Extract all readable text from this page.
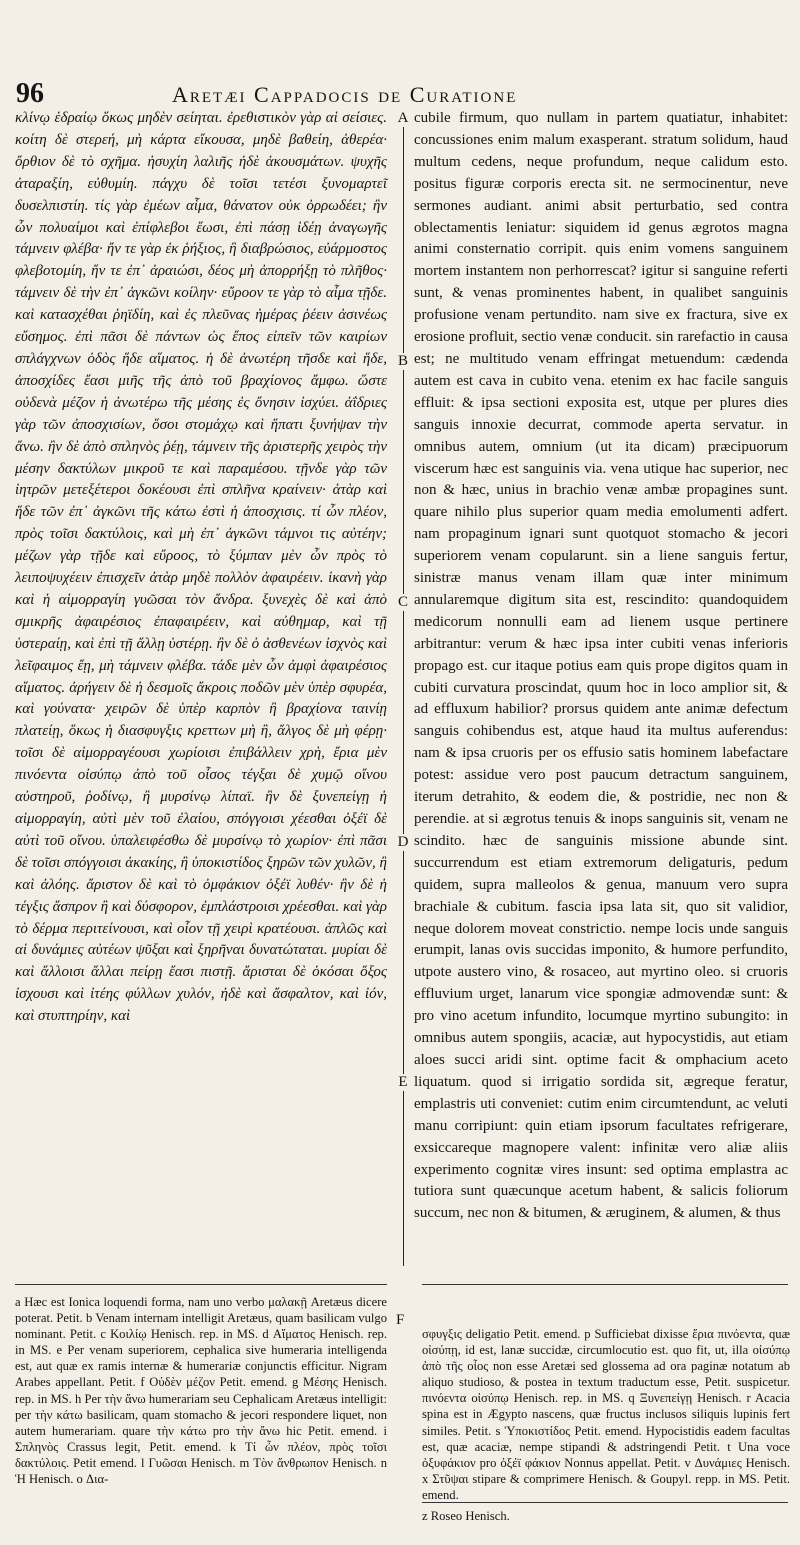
96	Aretæi Cappadocis de Curatione

κλίνῳ ἑδραίῳ ὅκως μηδὲν σείηται. ἐρεθιστικὸν γὰρ αἱ σείσιες. κοίτη δὲ στερεή, μὴ κάρτα εἴκουσα, μηδὲ βαθείη, ἀθερέα· ὄρθιον δὲ τὸ σχῆμα. ἡσυχίη λαλιῆς ἠδὲ ἀκουσμάτων. ψυχῆς ἀταραξίη, εὐθυμίη. πάγχυ δὲ τοῖσι τετέσι ξυνομαρτεῖ δυσελπιστίη. τίς γὰρ ἐμέων αἷμα, θάνατον οὐκ ὀρρωδέει; ἢν ὦν πολυαίμοι καὶ ἐπίφλεβοι ἔωσι, ἐπὶ πάσῃ ἰδέῃ ἀναγωγῆς τάμνειν φλέβα· ἤν τε γὰρ ἐκ ῥήξιος, ἢ διαβρώσιος, εὐάρμοστος φλεβοτομίη, ἤν τε ἐπ᾽ ἀραιώσι, δέος μὴ ἀπορρήξῃ τὸ πλῆθος· τάμνειν δὲ τὴν ἐπ᾽ ἀγκῶνι κοίλην· εὔροον τε γὰρ τὸ αἷμα τῇδε. καὶ κατασχέθαι ῥηϊδίη, καὶ ἐς πλεῦνας ἡμέρας ῥέειν ἀσινέως εὔσημος. ἐπὶ πᾶσι δὲ πάντων ὡς ἔπος εἰπεῖν τῶν καιρίων σπλάγχνων ὁδὸς ἥδε αἵματος. ἡ δὲ ἀνωτέρη τῆσδε καὶ ἥδε, ἀποσχίδες ἔασι μιῆς τῆς ἀπὸ τοῦ βραχίονος ἄμφω. ὥστε οὐδενὰ μέζον ἡ ἀνωτέρω τῆς μέσης ἐς ὄνησιν ἰσχύει. ἀΐδριες γὰρ τῶν ἀποσχισίων, ὅσοι στομάχῳ καὶ ἥπατι ξυνήψαν τὴν ἄνω. ἢν δὲ ἀπὸ σπληνὸς ῥέῃ, τάμνειν τῆς ἀριστερῆς χειρὸς τὴν μέσην δακτύλων μικροῦ τε καὶ παραμέσου. τῇνδε γὰρ τῶν ἰητρῶν μετεξέτεροι δοκέουσι ἐπὶ σπλῆνα κραίνειν· ἀτὰρ καὶ ἥδε τῶν ἐπ᾽ ἀγκῶνι τῆς κάτω ἐστὶ ἡ ἀποσχισις. τί ὦν πλέον, πρὸς τοῖσι δακτύλοις, καὶ μὴ ἐπ᾽ ἀγκῶνι τάμνοι τις αὐτέην; μέζων γὰρ τῇδε καὶ εὔροος, τὸ ξύμπαν μὲν ὦν πρὸς τὸ λειποψυχέειν ἐπισχεῖν ἀτὰρ μηδὲ πολλὸν ἀφαιρέειν. ἱκανὴ γὰρ καὶ ἡ αἱμορραγίη γυῶσαι τὸν ἄνδρα. ξυνεχὲς δὲ καὶ ἀπὸ σμικρῆς ἀφαιρέσιος ἐπαφαιρέειν, καὶ αὐθημαρ, καὶ τῇ ὑστεραίῃ, καὶ ἐπὶ τῇ ἄλλῃ ὑστέρῃ. ἢν δὲ ὁ ἀσθενέων ἰσχνὸς καὶ λεῖφαιμος ἔῃ, μὴ τάμνειν φλέβα. τάδε μὲν ὦν ἀμφὶ ἀφαιρέσιος αἵματος. ἀρήγειν δὲ ἡ δεσμοῖς ἄκροις ποδῶν μὲν ὑπὲρ σφυρέα, καὶ γούνατα· χειρῶν δὲ ὑπὲρ καρπὸν ἢ βραχίονα ταινίῃ πλατείῃ, ὅκως ἡ διασφυγξις κρεττων μὴ ἢ, ἄλγος δὲ μὴ φέρῃ· τοῖσι δὲ αἱμορραγέουσι χωρίοισι ἐπιβάλλειν χρὴ, ἔρια μὲν πινόεντα οἰσύπῳ ἀπὸ τοῦ οἶσος τέγξαι δὲ χυμῷ οἴνου αὐστηροῦ, ῥοδίνῳ, ἢ μυρσίνῳ λίπαϊ. ἢν δὲ ξυνεπείγῃ ἡ αἱμορραγίη, αὐτὶ μὲν τοῦ ἐλαίου, σπόγγοισι χέεσθαι ὀξέϊ δὲ αὐτὶ τοῦ οἴνου. ὑπαλειφέσθω δὲ μυρσίνῳ τὸ χωρίον· ἐπὶ πᾶσι δὲ τοῖσι σπόγγοισι ἀκακίης, ἢ ὑποκιστίδος ξηρῶν τῶν χυλῶν, ἢ καὶ ἀλόης. ἄριστον δὲ καὶ τὸ ὀμφάκιον ὀξέϊ λυθέν· ἢν δὲ ἡ τέγξις ἄσπρον ἢ καὶ δύσφορον, ἐμπλάστροισι χρέεσθαι. καὶ γὰρ τὸ δέρμα περιτείνουσι, καὶ οἷον τῇ χειρὶ κρατέουσι. ἁπλῶς καὶ αἱ δυνάμιες αὐτέων ψῦξαι καὶ ξηρῆναι δυνατώταται. μυρίαι δὲ καὶ ἄλλοισι ἄλλαι πείρῃ ἔασι πιστῇ. ἄρισται δὲ ὁκόσαι ὄξος ἰσχουσι καὶ ἰτέης φύλλων χυλόν, ἠδὲ καὶ ἄσφαλτον, καὶ ἰόν, καὶ στυπτηρίην, καὶ

A
B
C
D
E

cubile firmum, quo nullam in partem quatiatur, inhabitet: concussiones enim malum exasperant. stratum solidum, haud multum cedens, neque profundum, neque calidum esto. positus figuræ corporis erecta sit. ne sermocinentur, neve sermones audiant. animi absit perturbatio, sed contra oblectamentis leniatur: siquidem id genus ægrotos magna animi consternatio corripit. quis enim vomens sanguinem mortem instantem non perhorrescat? igitur si sanguine referti sunt, & venas prominentes habent, in qualibet sanguinis profusione venam pertundito. nam sive ex fractura, sive ex erosione profluit, sectio venæ conducit. sin rarefactio in causa est; ne multitudo venam effringat metuendum: cædenda autem est cava in cubito vena. etenim ex hac facile sanguis effluit: & ipsa sectioni exposita est, utque per plures dies sanguis innoxie decurrat, commode aperta servatur. in omnibus autem, omnium (ut ita dicam) præcipuorum viscerum hæc est sanguinis via. vena utique hac superior, nec non & hæc, unius in brachio venæ ambæ propagines sunt. quare nihilo plus superior quam media emolumenti adfert. nam propaginum ignari sunt quotquot stomacho & jecori superiorem venam copularunt. sin a liene sanguis fertur, sinistræ manus venam illam quæ inter minimum annularemque digitum sita est, rescindito: quandoquidem medicorum nonnulli eam ad lienem usque pertinere arbitrantur: verum & hæc ipsa inter cubiti venas inferioris propago est. cur itaque potius eam quis prope digitos quam in cubiti curvatura proscindat, quum hoc in loco amplior sit, & ad effluxum habilior? prorsus quidem ante animæ defectum sanguis cohibendus est, atque haud ita multus auferendus: nam & ipsa cruoris per os effusio satis hominem labefactare potest: assidue vero post paucum detractum sanguinem, iterum detrahito, & eodem die, & postridie, nec non & perendie. at si ægrotus tenuis & inops sanguinis sit, venam ne scindito. hæc de sanguinis missione abunde sint. succurrendum est etiam extremorum deligaturis, pedum quidem, supra malleolos & genua, manuum vero supra brachiale & cubitum. fascia ipsa lata sit, quo sit validior, neque dolorem moveat constrictio. nempe locis unde sanguis erumpit, lanas ovis succidas imponito, & humore perfundito, utpote austero vino, & rosaceo, aut myrtino oleo. si cruoris effluvium urget, lanarum vice spongiæ admovendæ sunt: & pro vino acetum infundito, locumque myrtino subungito: in omnibus autem spongiis, acaciæ, aut hypocystidis, aut etiam aloes succi aridi sint. optime facit & omphacium aceto liquatum. quod si irrigatio sordida sit, ægreque feratur, emplastris uti conveniet: cutim enim circumtendunt, ac veluti manu corripiunt: quin etiam ipsorum facultates refrigerare, exsiccareque magnopere valent: infinitæ vero aliæ aliis experimento cognitæ vires insunt: sed optima emplastra ac tutiora sunt quæcunque acetum habent, & salicis foliorum succum, nec non & bitumen, & æruginem, & alumen, & thus

a Hæc est Ionica loquendi forma, nam uno verbo μαλακῇ Aretæus dicere poterat. Petit. b Venam internam intelligit Aretæus, quam basilicam vulgo nominant. Petit. c Κοιλίῳ Henisch. rep. in MS. d Αἵματος Henisch. rep. in MS. e Per venam superiorem, cephalica sive humeraria intelligenda est, aut quæ ex ramis internæ & humerariæ conjunctis efficitur. Nigram Arabes appellant. Petit. f Οὐδὲν μέζον Petit. emend. g Μέσης Henisch. rep. in MS. h Per τὴν ἄνω humerariam seu Cephalicam Aretæus intelligit: per τὴν κάτω basilicam, quam stomacho & jecori respondere liquet, non autem humerariam. quare τὴν κάτω pro τὴν ἄνω hic Petit. emend. i Σπληνὸς Crassus legit, Petit. emend. k Τί ὦν πλέον, πρὸς τοῖσι δακτύλοις. Petit emend. l Γυῶσαι Henisch. m Τὸν ἄνθρωπον Henisch. n Ἡ Henisch. o Δια-
F
σφυγξις deligatio Petit. emend. p Sufficiebat dixisse ἔρια πινόεντα, quæ οἰσύπῃ, id est, lanæ succidæ, circumlocutio est. quo fit, ut, illa οἰσύπῳ ἀπὸ τῆς οἶος non esse Aretæi sed glossema ad ora paginæ notatum ab aliquo studioso, & postea in textum traductum esse, Petit. suspicetur. πινόεντα οἰσύπῳ Henisch. rep. in MS. q Ξυνεπείγῃ Henisch. r Acacia spina est in Ægypto nascens, quæ fructus inclusos siliquis lupinis fert similes. Petit. s Ὑποκιστίδος Petit. emend. Hypocistidis eadem facultas est, quæ acaciæ, nempe stipandi & adstringendi Petit. t Una voce ὀξυφάκιον pro ὀξέϊ φάκιον Nonnus appellat. Petit. v Δυνάμιες Henisch. x Στῦψαι stipare & comprimere Henisch. & Goupyl. repp. in MS. Petit. emend.
z Roseo Henisch.
